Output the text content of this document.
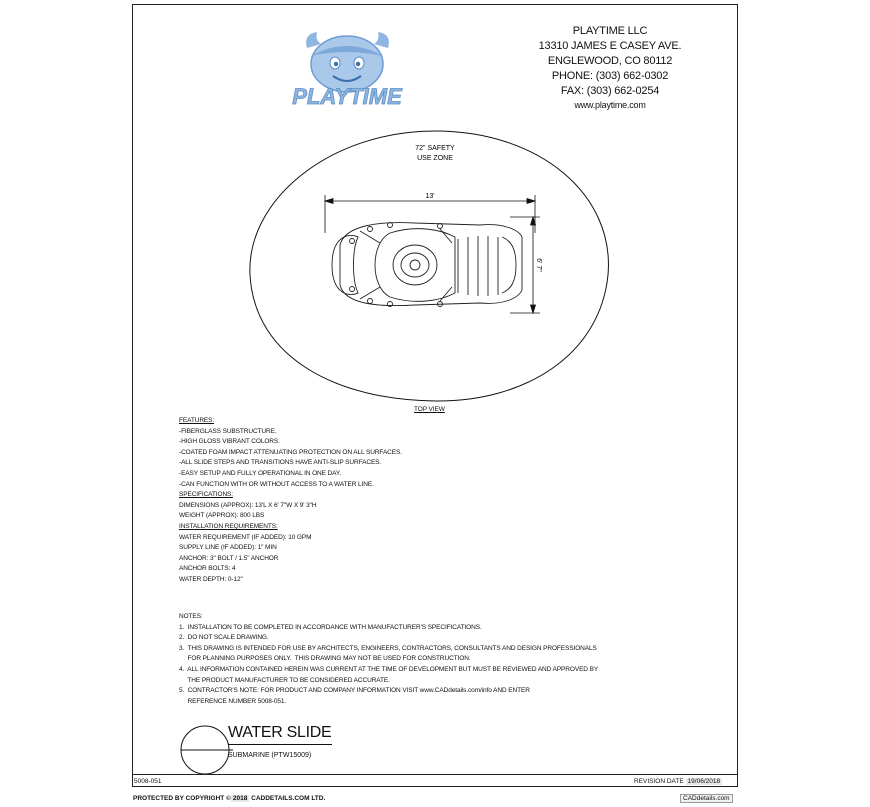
PLAYTIME
PLAYTIME LLC
13310 JAMES E CASEY AVE.
ENGLEWOOD, CO 80112
PHONE: (303) 662-0302
FAX: (303) 662-0254
www.playtime.com
72" SAFETY
USE ZONE
13'
6' 7"
TOP VIEW
FEATURES:
-FIBERGLASS SUBSTRUCTURE.
-HIGH GLOSS VIBRANT COLORS.
-COATED FOAM IMPACT ATTENUATING PROTECTION ON ALL SURFACES.
-ALL SLIDE STEPS AND TRANSITIONS HAVE ANTI-SLIP SURFACES.
-EASY SETUP AND FULLY OPERATIONAL IN ONE DAY.
-CAN FUNCTION WITH OR WITHOUT ACCESS TO A WATER LINE.
SPECIFICATIONS:
DIMENSIONS (APPROX): 13'L X 6' 7"W X 9' 3"H
WEIGHT (APPROX): 800 LBS
INSTALLATION REQUIREMENTS:
WATER REQUIREMENT (IF ADDED): 10 GPM
SUPPLY LINE (IF ADDED): 1" MIN
ANCHOR: 3" BOLT / 1.5" ANCHOR
ANCHOR BOLTS: 4
WATER DEPTH: 0-12"
NOTES:
1.  INSTALLATION TO BE COMPLETED IN ACCORDANCE WITH MANUFACTURER'S SPECIFICATIONS.
2.  DO NOT SCALE DRAWING.
3.  THIS DRAWING IS INTENDED FOR USE BY ARCHITECTS, ENGINEERS, CONTRACTORS, CONSULTANTS AND DESIGN PROFESSIONALS
FOR PLANNING PURPOSES ONLY.  THIS DRAWING MAY NOT BE USED FOR CONSTRUCTION.
4.  ALL INFORMATION CONTAINED HEREIN WAS CURRENT AT THE TIME OF DEVELOPMENT BUT MUST BE REVIEWED AND APPROVED BY
THE PRODUCT MANUFACTURER TO BE CONSIDERED ACCURATE.
5.  CONTRACTOR'S NOTE: FOR PRODUCT AND COMPANY INFORMATION VISIT www.CADdetails.com/info AND ENTER
REFERENCE NUMBER 5008-051.
WATER SLIDE
SUBMARINE (PTW15009)
5008-051	REVISION DATE 19/06/2018
PROTECTED BY COPYRIGHT © 2018 CADDETAILS.COM LTD.	CADdetails.com
